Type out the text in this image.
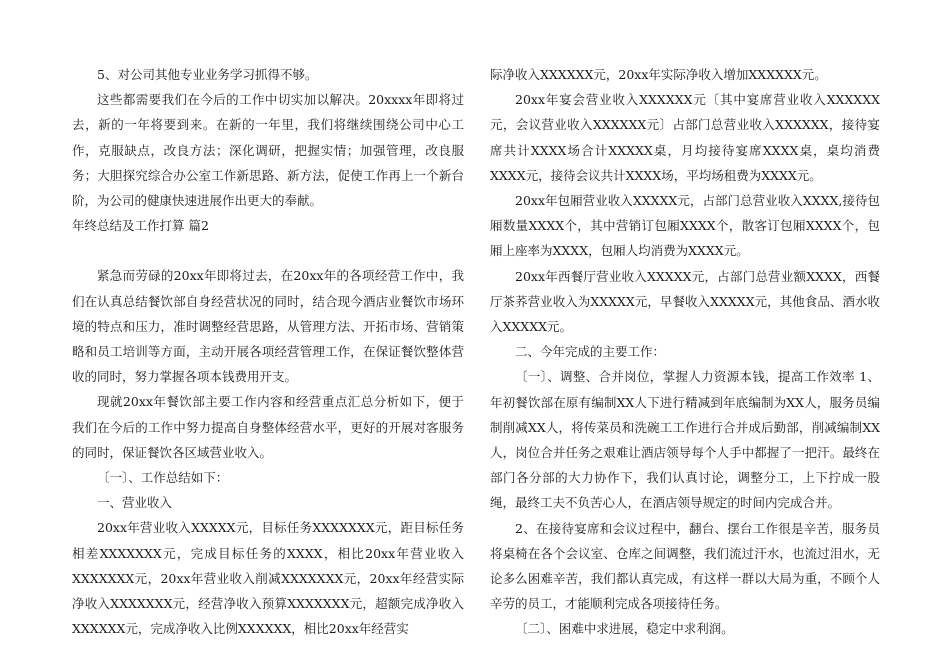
5、对公司其他专业业务学习抓得不够。

这些都需要我们在今后的工作中切实加以解决。20xxxx年即将过去，新的一年将要到来。在新的一年里，我们将继续围绕公司中心工作，克服缺点，改良方法；深化调研，把握实情；加强管理，改良服务；大胆探究综合办公室工作新思路、新方法，促使工作再上一个新台阶，为公司的健康快速进展作出更大的奉献。

年终总结及工作打算 篇2

紧急而劳碌的20xx年即将过去，在20xx年的各项经营工作中，我们在认真总结餐饮部自身经营状况的同时，结合现今酒店业餐饮市场环境的特点和压力，准时调整经营思路，从管理方法、开拓市场、营销策略和员工培训等方面，主动开展各项经营管理工作，在保证餐饮整体营收的同时，努力掌握各项本钱费用开支。

现就20xx年餐饮部主要工作内容和经营重点汇总分析如下，便于我们在今后的工作中努力提高自身整体经营水平，更好的开展对客服务的同时，保证餐饮各区域营业收入。

〔一〕、工作总结如下：

一、营业收入

20xx年营业收入XXXXX元，目标任务XXXXXXX元，距目标任务相差XXXXXXX元，完成目标任务的XXXX，相比20xx年营业收入XXXXXXX元，20xx年营业收入削减XXXXXXX元，20xx年经营实际净收入XXXXXXX元，经营净收入预算XXXXXXX元，超额完成净收入XXXXXX元，完成净收入比例XXXXXX，相比20xx年经营实

际净收入XXXXXX元，20xx年实际净收入增加XXXXXX元。

20xx年宴会营业收入XXXXXX元〔其中宴席营业收入XXXXXX元，会议营业收入XXXXXX元〕占部门总营业收入XXXXXX，接待宴席共计XXXX场合计XXXXX桌，月均接待宴席XXXX桌，桌均消费XXXX元，接待会议共计XXXX场，平均场租费为XXXX元。

20xx年包厢营业收入XXXXX元，占部门总营业收入XXXX,接待包厢数量XXXX个，其中营销订包厢XXXX个，散客订包厢XXXX个，包厢上座率为XXXX，包厢人均消费为XXXX元。

20xx年西餐厅营业收入XXXXX元，占部门总营业额XXXX，西餐厅茶荞营业收入为XXXXX元，早餐收入XXXXX元，其他食品、酒水收入XXXXX元。

二、今年完成的主要工作：

〔一〕、调整、合并岗位，掌握人力资源本钱，提高工作效率 1、年初餐饮部在原有编制XX人下进行精减到年底编制为XX人，服务员编制削减XX人，将传菜员和洗碗工工作进行合并成后勤部，削减编制XX人，岗位合并任务之艰难让酒店领导每个人手中都握了一把汗。最终在部门各分部的大力协作下，我们认真讨论，调整分工，上下拧成一股绳，最终工夫不负苦心人，在酒店领导规定的时间内完成合并。

2、在接待宴席和会议过程中，翻台、摆台工作很是辛苦，服务员将桌椅在各个会议室、仓库之间调整，我们流过汗水，也流过泪水，无论多么困难辛苦，我们都认真完成，有这样一群以大局为重，不顾个人辛劳的员工，才能顺利完成各项接待任务。

〔二〕、困难中求进展，稳定中求利润。
